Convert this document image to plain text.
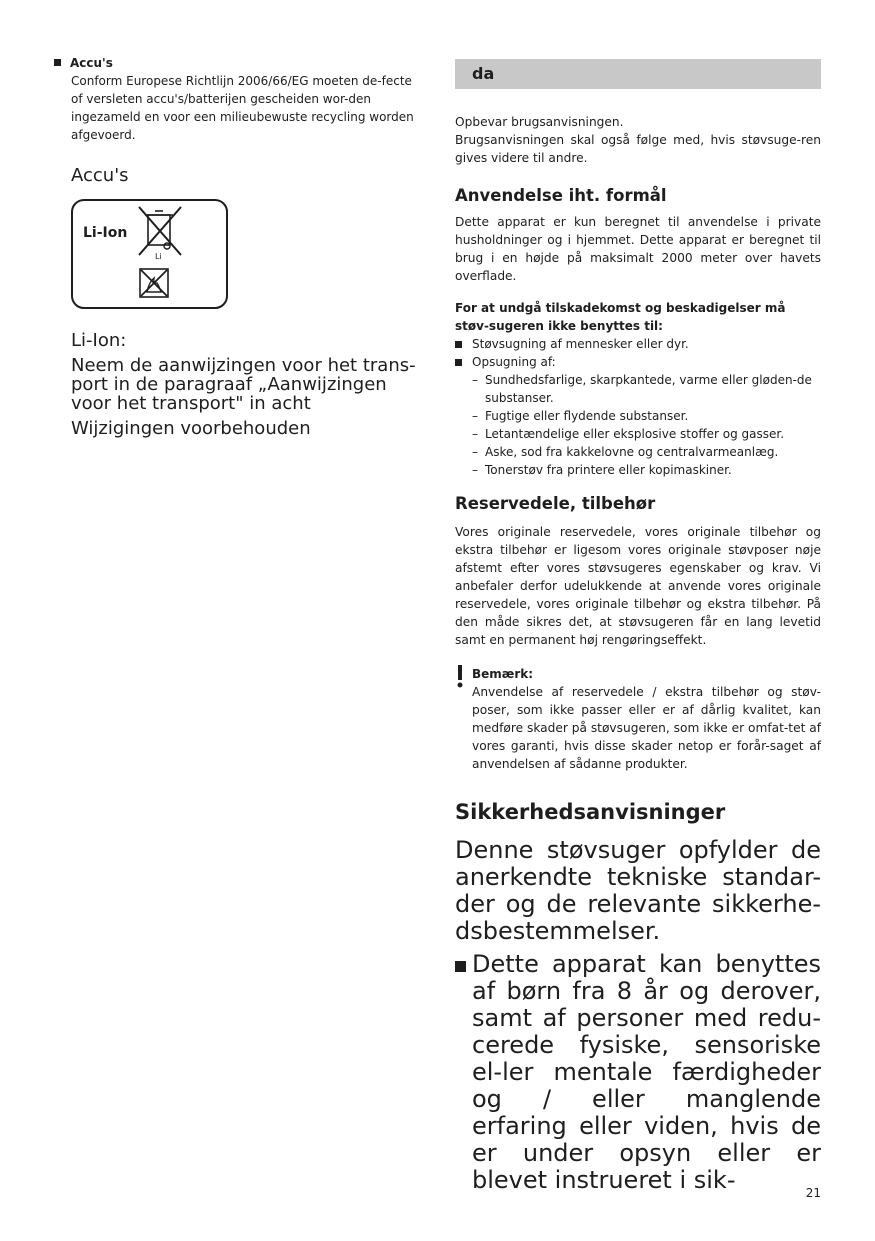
Accu's
Conform Europese Richtlijn 2006/66/EG moeten de-fecte of versleten accu's/batterijen gescheiden wor-den ingezameld en voor een milieubewuste recycling worden afgevoerd.
Accu's
Li-Ion
Li
Li-Ion:
Neem de aanwijzingen voor het trans-port in de paragraaf „Aanwijzingen voor het transport" in acht
Wijzigingen voorbehouden
da
Opbevar brugsanvisningen.
Brugsanvisningen skal også følge med, hvis støvsuge-ren gives videre til andre.
Anvendelse iht. formål
Dette apparat er kun beregnet til anvendelse i private husholdninger og i hjemmet. Dette apparat er beregnet til brug i en højde på maksimalt 2000 meter over havets overflade.
For at undgå tilskadekomst og beskadigelser må støv-sugeren ikke benyttes til:
Støvsugning af mennesker eller dyr.
Opsugning af:
– Sundhedsfarlige, skarpkantede, varme eller gløden-de substanser.
– Fugtige eller flydende substanser.
– Letantændelige eller eksplosive stoffer og gasser.
– Aske, sod fra kakkelovne og centralvarmeanlæg.
– Tonerstøv fra printere eller kopimaskiner.
Reservedele, tilbehør
Vores originale reservedele, vores originale tilbehør og ekstra tilbehør er ligesom vores originale støvposer nøje afstemt efter vores støvsugeres egenskaber og krav. Vi anbefaler derfor udelukkende at anvende vores originale reservedele, vores originale tilbehør og ekstra tilbehør. På den måde sikres det, at støvsugeren får en lang levetid samt en permanent høj rengøringseffekt.
Bemærk:
Anvendelse af reservedele / ekstra tilbehør og støv-poser, som ikke passer eller er af dårlig kvalitet, kan medføre skader på støvsugeren, som ikke er omfat-tet af vores garanti, hvis disse skader netop er forår-saget af anvendelsen af sådanne produkter.
Sikkerhedsanvisninger
Denne støvsuger opfylder de anerkendte tekniske standar-der og de relevante sikkerhe-dsbestemmelser.
Dette apparat kan benyttes af børn fra 8 år og derover, samt af personer med redu-cerede fysiske, sensoriske el-ler mentale færdigheder og / eller manglende erfaring eller viden, hvis de er under opsyn eller er blevet instrueret i sik-	21
